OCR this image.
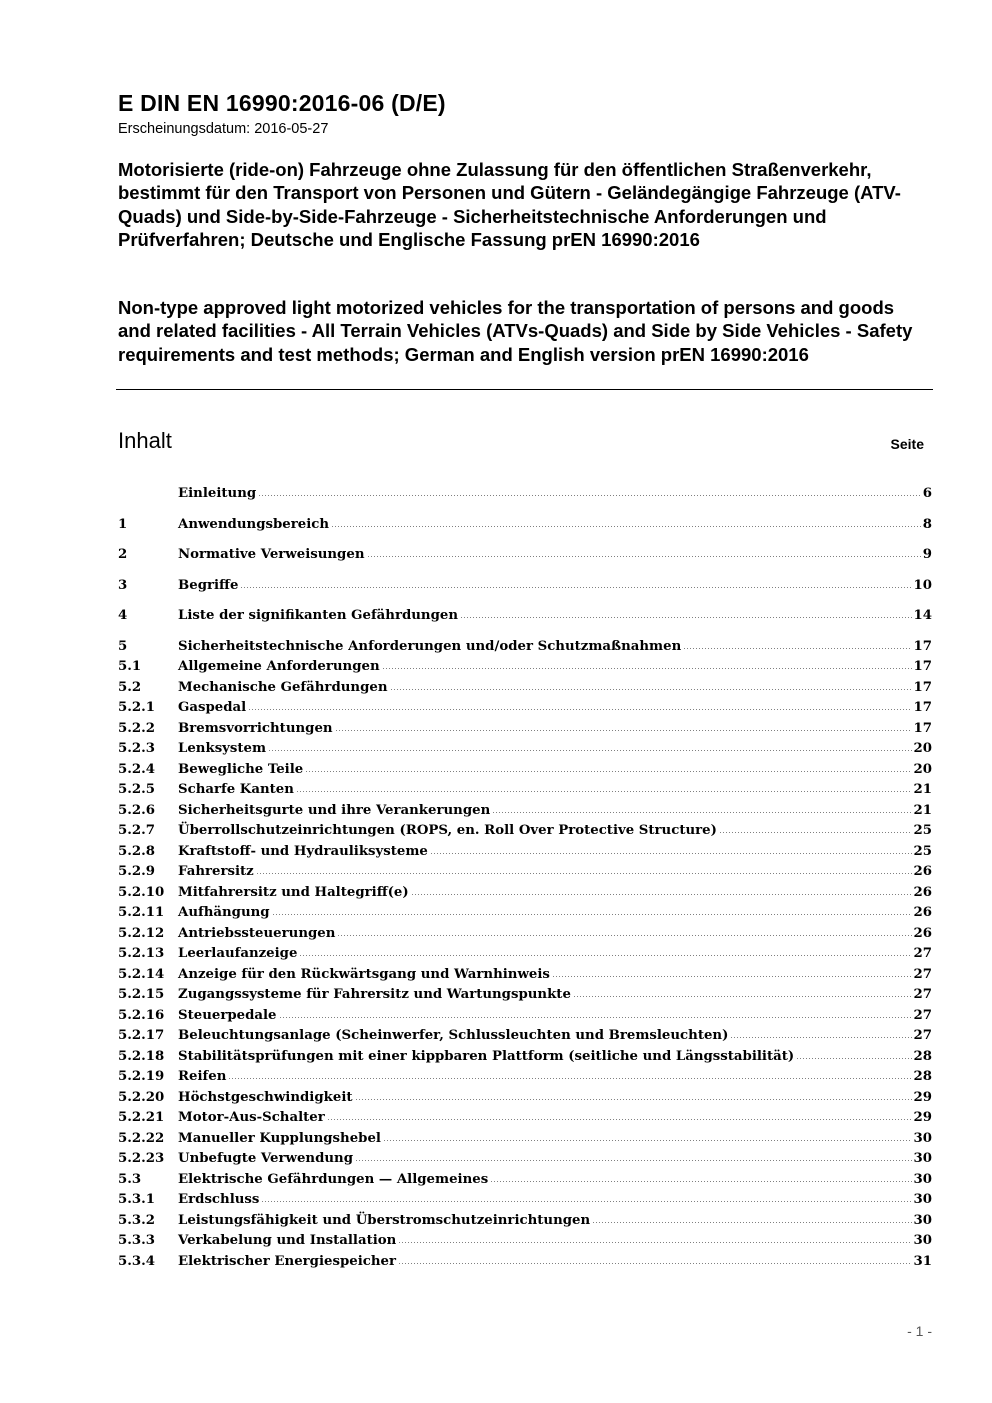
E DIN EN 16990:2016-06 (D/E)
Erscheinungsdatum: 2016-05-27
Motorisierte (ride-on) Fahrzeuge ohne Zulassung für den öffentlichen Straßenverkehr, bestimmt für den Transport von Personen und Gütern - Geländegängige Fahrzeuge (ATV-Quads) und Side-by-Side-Fahrzeuge - Sicherheitstechnische Anforderungen und Prüfverfahren; Deutsche und Englische Fassung prEN 16990:2016
Non-type approved light motorized vehicles for the transportation of persons and goods and related facilities - All Terrain Vehicles (ATVs-Quads) and Side by Side Vehicles - Safety requirements and test methods; German and English version prEN 16990:2016
Inhalt	Seite
Einleitung	6
1	Anwendungsbereich	8
2	Normative Verweisungen	9
3	Begriffe	10
4	Liste der signifikanten Gefährdungen	14
5	Sicherheitstechnische Anforderungen und/oder Schutzmaßnahmen	17
5.1	Allgemeine Anforderungen	17
5.2	Mechanische Gefährdungen	17
5.2.1	Gaspedal	17
5.2.2	Bremsvorrichtungen	17
5.2.3	Lenksystem	20
5.2.4	Bewegliche Teile	20
5.2.5	Scharfe Kanten	21
5.2.6	Sicherheitsgurte und ihre Verankerungen	21
5.2.7	Überrollschutzeinrichtungen (ROPS, en. Roll Over Protective Structure)	25
5.2.8	Kraftstoff- und Hydrauliksysteme	25
5.2.9	Fahrersitz	26
5.2.10	Mitfahrersitz und Haltegriff(e)	26
5.2.11	Aufhängung	26
5.2.12	Antriebssteuerungen	26
5.2.13	Leerlaufanzeige	27
5.2.14	Anzeige für den Rückwärtsgang und Warnhinweis	27
5.2.15	Zugangssysteme für Fahrersitz und Wartungspunkte	27
5.2.16	Steuerpedale	27
5.2.17	Beleuchtungsanlage (Scheinwerfer, Schlussleuchten und Bremsleuchten)	27
5.2.18	Stabilitätsprüfungen mit einer kippbaren Plattform (seitliche und Längsstabilität)	28
5.2.19	Reifen	28
5.2.20	Höchstgeschwindigkeit	29
5.2.21	Motor-Aus-Schalter	29
5.2.22	Manueller Kupplungshebel	30
5.2.23	Unbefugte Verwendung	30
5.3	Elektrische Gefährdungen — Allgemeines	30
5.3.1	Erdschluss	30
5.3.2	Leistungsfähigkeit und Überstromschutzeinrichtungen	30
5.3.3	Verkabelung und Installation	30
5.3.4	Elektrischer Energiespeicher	31
- 1 -
